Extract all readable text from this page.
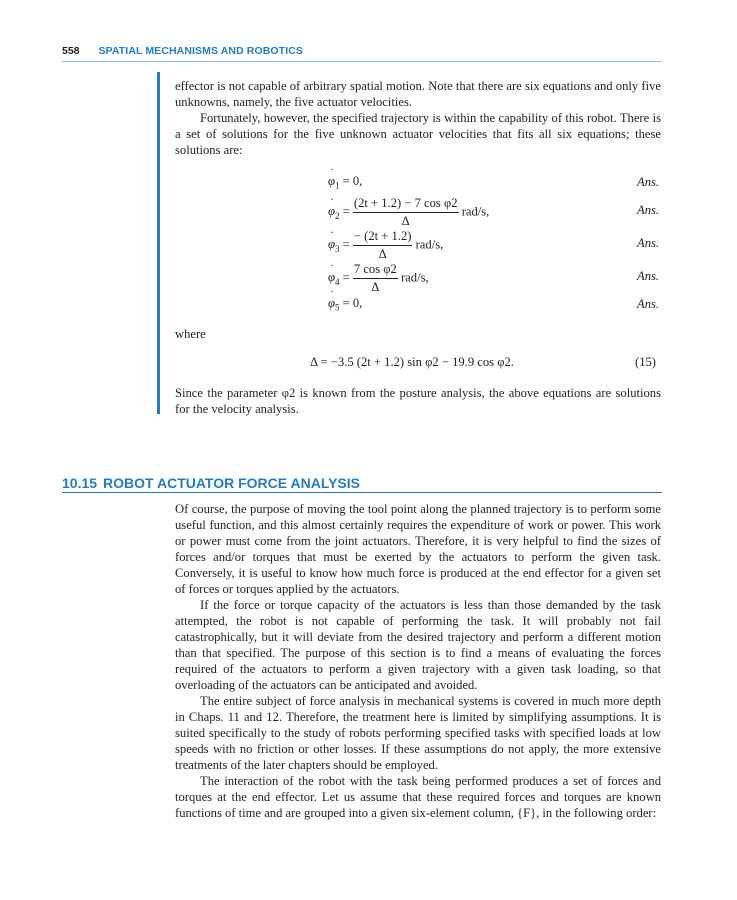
558 SPATIAL MECHANISMS AND ROBOTICS

effector is not capable of arbitrary spatial motion. Note that there are six equations and only five unknowns, namely, the five actuator velocities.

Fortunately, however, the specified trajectory is within the capability of this robot. There is a set of solutions for the five unknown actuator velocities that fits all six equations; these solutions are:

˙ $\varphi_1 = 0$,	Ans.
˙ $\varphi_2 = \frac{\text{(2t + 1.2) − 7 cos φ2}}{\Delta} rad/s$,	Ans.
˙ $\varphi_3 = \frac{- (2t + 1.2)}{\Delta} rad/s$,	Ans.
˙ $\varphi_4 = \frac{\text{7 cos φ2}}{\Delta} rad/s$,	Ans.
˙ $\varphi_5 = 0$,	Ans.
where
Δ = −3.5 (2t + 1.2) sin φ2 − 19.9 cos φ2.	(15)
Since the parameter φ2 is known from the posture analysis, the above equations are solutions for the velocity analysis.
10.15 ROBOT ACTUATOR FORCE ANALYSIS

Of course, the purpose of moving the tool point along the planned trajectory is to perform some useful function, and this almost certainly requires the expenditure of work or power. This work or power must come from the joint actuators. Therefore, it is very helpful to find the sizes of forces and/or torques that must be exerted by the actuators to perform the given task. Conversely, it is useful to know how much force is produced at the end effector for a given set of forces or torques applied by the actuators.

If the force or torque capacity of the actuators is less than those demanded by the task attempted, the robot is not capable of performing the task. It will probably not fail catastrophically, but it will deviate from the desired trajectory and perform a different motion than that specified. The purpose of this section is to find a means of evaluating the forces required of the actuators to perform a given trajectory with a given task loading, so that overloading of the actuators can be anticipated and avoided.

The entire subject of force analysis in mechanical systems is covered in much more depth in Chaps. 11 and 12. Therefore, the treatment here is limited by simplifying assumptions. It is suited specifically to the study of robots performing specified tasks with specified loads at low speeds with no friction or other losses. If these assumptions do not apply, the more extensive treatments of the later chapters should be employed.

The interaction of the robot with the task being performed produces a set of forces and torques at the end effector. Let us assume that these required forces and torques are known functions of time and are grouped into a given six-element column, {F}, in the following order:
